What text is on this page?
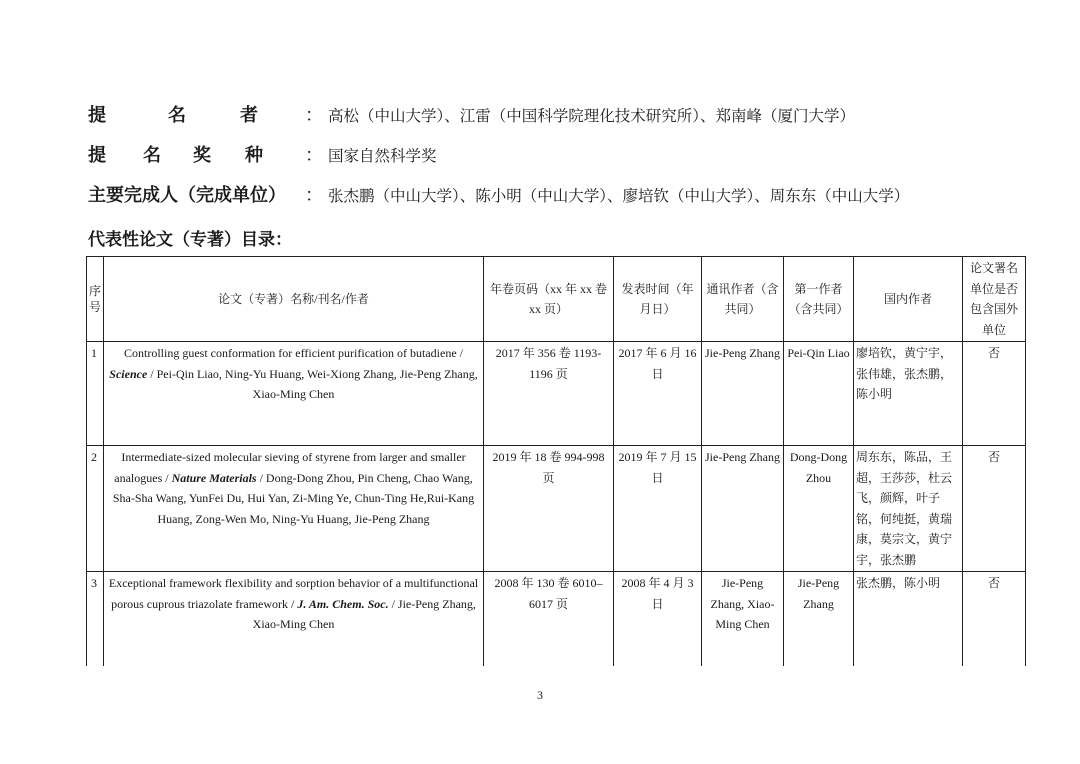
提	名	者	： 高松（中山大学）、江雷（中国科学院理化技术研究所）、郑南峰（厦门大学）
提 名 奖 种 ： 国家自然科学奖
主要完成人（完成单位） ： 张杰鹏（中山大学）、陈小明（中山大学）、廖培钦（中山大学）、周东东（中山大学）
代表性论文（专著）目录：
序号	论文（专著）名称/刊名/作者	年卷页码（xx 年 xx 卷 xx 页）	发表时间（年月日）	通讯作者（含共同）	第一作者（含共同）	国内作者	论文署名单位是否包含国外单位
1	Controlling guest conformation for efficient purification of butadiene / Science / Pei-Qin Liao, Ning-Yu Huang, Wei-Xiong Zhang, Jie-Peng Zhang, Xiao-Ming Chen	2017 年 356 卷 1193-1196 页	2017 年 6 月 16 日	Jie-Peng Zhang	Pei-Qin Liao	廖培钦，黄宁宇，张伟雄，张杰鹏，陈小明	否
2	Intermediate-sized molecular sieving of styrene from larger and smaller analogues / Nature Materials / Dong-Dong Zhou, Pin Cheng, Chao Wang, Sha-Sha Wang, YunFei Du, Hui Yan, Zi-Ming Ye, Chun-Ting He,Rui-Kang Huang, Zong-Wen Mo, Ning-Yu Huang, Jie-Peng Zhang	2019 年 18 卷 994-998 页	2019 年 7 月 15 日	Jie-Peng Zhang	Dong-Dong Zhou	周东东，陈品，王超，王莎莎，杜云飞，颜辉，叶子铭，何纯挺，黄瑞康，莫宗文，黄宁宇，张杰鹏	否
3	Exceptional framework flexibility and sorption behavior of a multifunctional porous cuprous triazolate framework / J. Am. Chem. Soc. / Jie-Peng Zhang, Xiao-Ming Chen	2008 年 130 卷 6010–6017 页	2008 年 4 月 3 日	Jie-Peng Zhang, Xiao-Ming Chen	Jie-Peng Zhang	张杰鹏，陈小明	否
3
